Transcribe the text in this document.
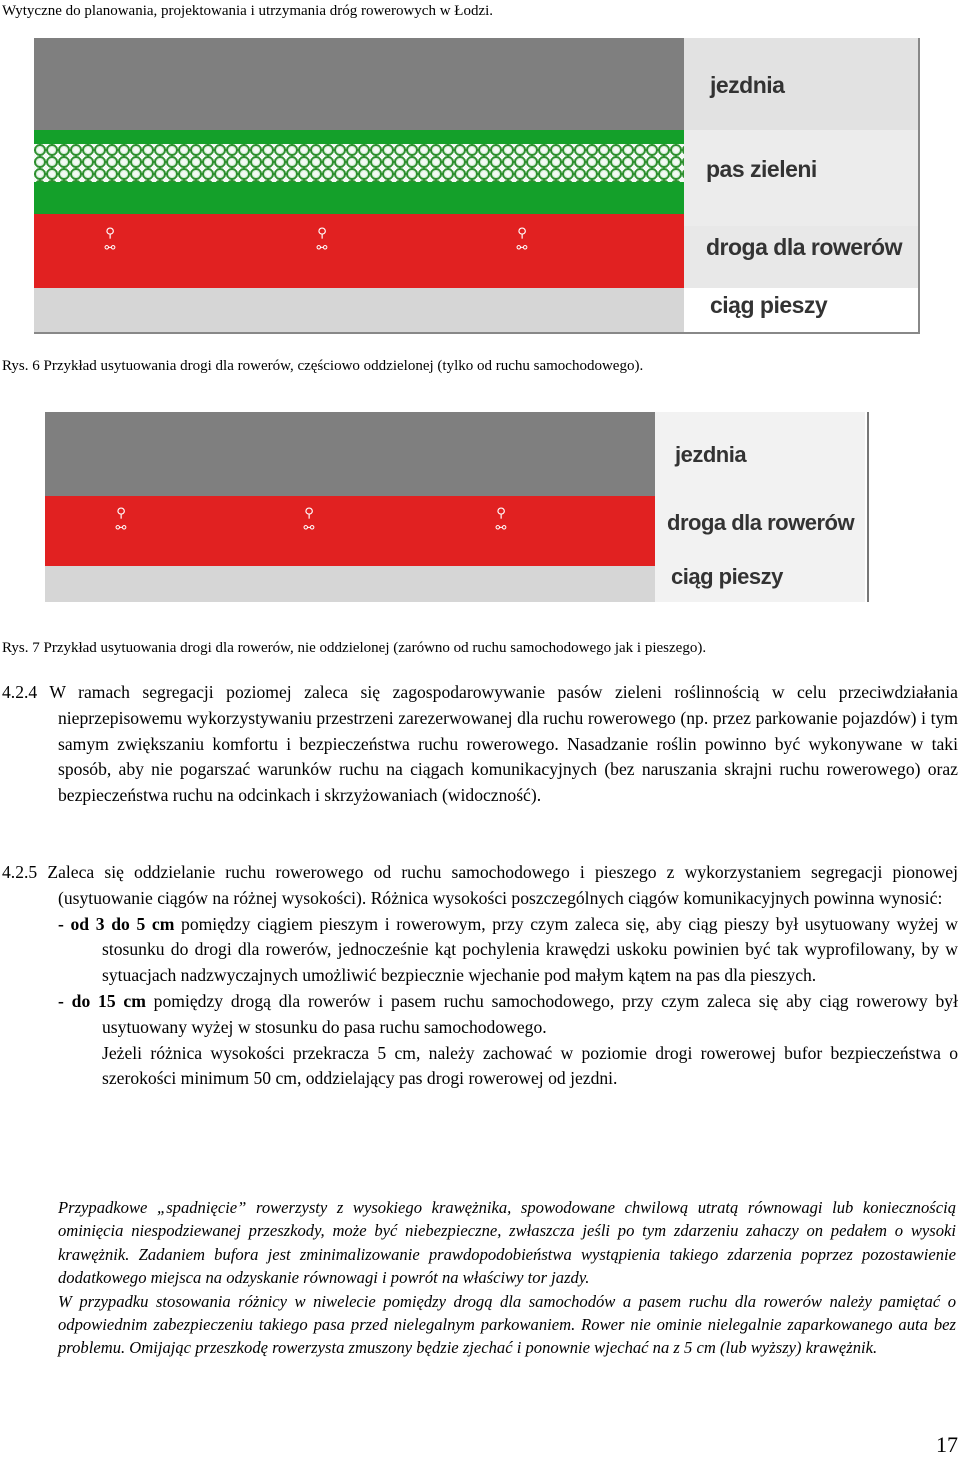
Wytyczne do planowania, projektowania i utrzymania dróg rowerowych w Łodzi.
⚲
⚯
⚲
⚯
⚲
⚯
jezdnia
pas zieleni
droga dla rowerów
ciąg pieszy
Rys. 6 Przykład usytuowania drogi dla rowerów, częściowo oddzielonej (tylko od ruchu samochodowego).
⚲
⚯
⚲
⚯
⚲
⚯
jezdnia
droga dla rowerów
ciąg pieszy
Rys. 7 Przykład usytuowania drogi dla rowerów, nie oddzielonej (zarówno od ruchu samochodowego jak i pieszego).

4.2.4 W ramach segregacji poziomej zaleca się zagospodarowywanie pasów zieleni roślinnością w celu przeciwdziałania nieprzepisowemu wykorzystywaniu przestrzeni zarezerwowanej dla ruchu rowerowego (np. przez parkowanie pojazdów) i tym samym zwiększaniu komfortu i bezpieczeństwa ruchu rowerowego. Nasadzanie roślin powinno być wykonywane w taki sposób, aby nie pogarszać warunków ruchu na ciągach komunikacyjnych (bez naruszania skrajni ruchu rowerowego) oraz bezpieczeństwa ruchu na odcinkach i skrzyżowaniach (widoczność).

4.2.5 Zaleca się oddzielanie ruchu rowerowego od ruchu samochodowego i pieszego z wykorzystaniem segregacji pionowej (usytuowanie ciągów na różnej wysokości). Różnica wysokości poszczególnych ciągów komunikacyjnych powinna wynosić:

- od 3 do 5 cm pomiędzy ciągiem pieszym i rowerowym, przy czym zaleca się, aby ciąg pieszy był usytuowany wyżej w stosunku do drogi dla rowerów, jednocześnie kąt pochylenia krawędzi uskoku powinien być tak wyprofilowany, by w sytuacjach nadzwyczajnych umożliwić bezpiecznie wjechanie pod małym kątem na pas dla pieszych.

- do 15 cm pomiędzy drogą dla rowerów i pasem ruchu samochodowego, przy czym zaleca się aby ciąg rowerowy był usytuowany wyżej w stosunku do pasa ruchu samochodowego.

Jeżeli różnica wysokości przekracza 5 cm, należy zachować w poziomie drogi rowerowej bufor bezpieczeństwa o szerokości minimum 50 cm, oddzielający pas drogi rowerowej od jezdni.

Przypadkowe „spadnięcie” rowerzysty z wysokiego krawężnika, spowodowane chwilową utratą równowagi lub koniecznością ominięcia niespodziewanej przeszkody, może być niebezpieczne, zwłaszcza jeśli po tym zdarzeniu zahaczy on pedałem o wysoki krawężnik. Zadaniem bufora jest zminimalizowanie prawdopodobieństwa wystąpienia takiego zdarzenia poprzez pozostawienie dodatkowego miejsca na odzyskanie równowagi i powrót na właściwy tor jazdy.
W przypadku stosowania różnicy w niwelecie pomiędzy drogą dla samochodów a pasem ruchu dla rowerów należy pamiętać o odpowiednim zabezpieczeniu takiego pasa przed nielegalnym parkowaniem. Rower nie ominie nielegalnie zaparkowanego auta bez problemu. Omijając przeszkodę rowerzysta zmuszony będzie zjechać i ponownie wjechać na z 5 cm (lub wyższy) krawężnik.
17
